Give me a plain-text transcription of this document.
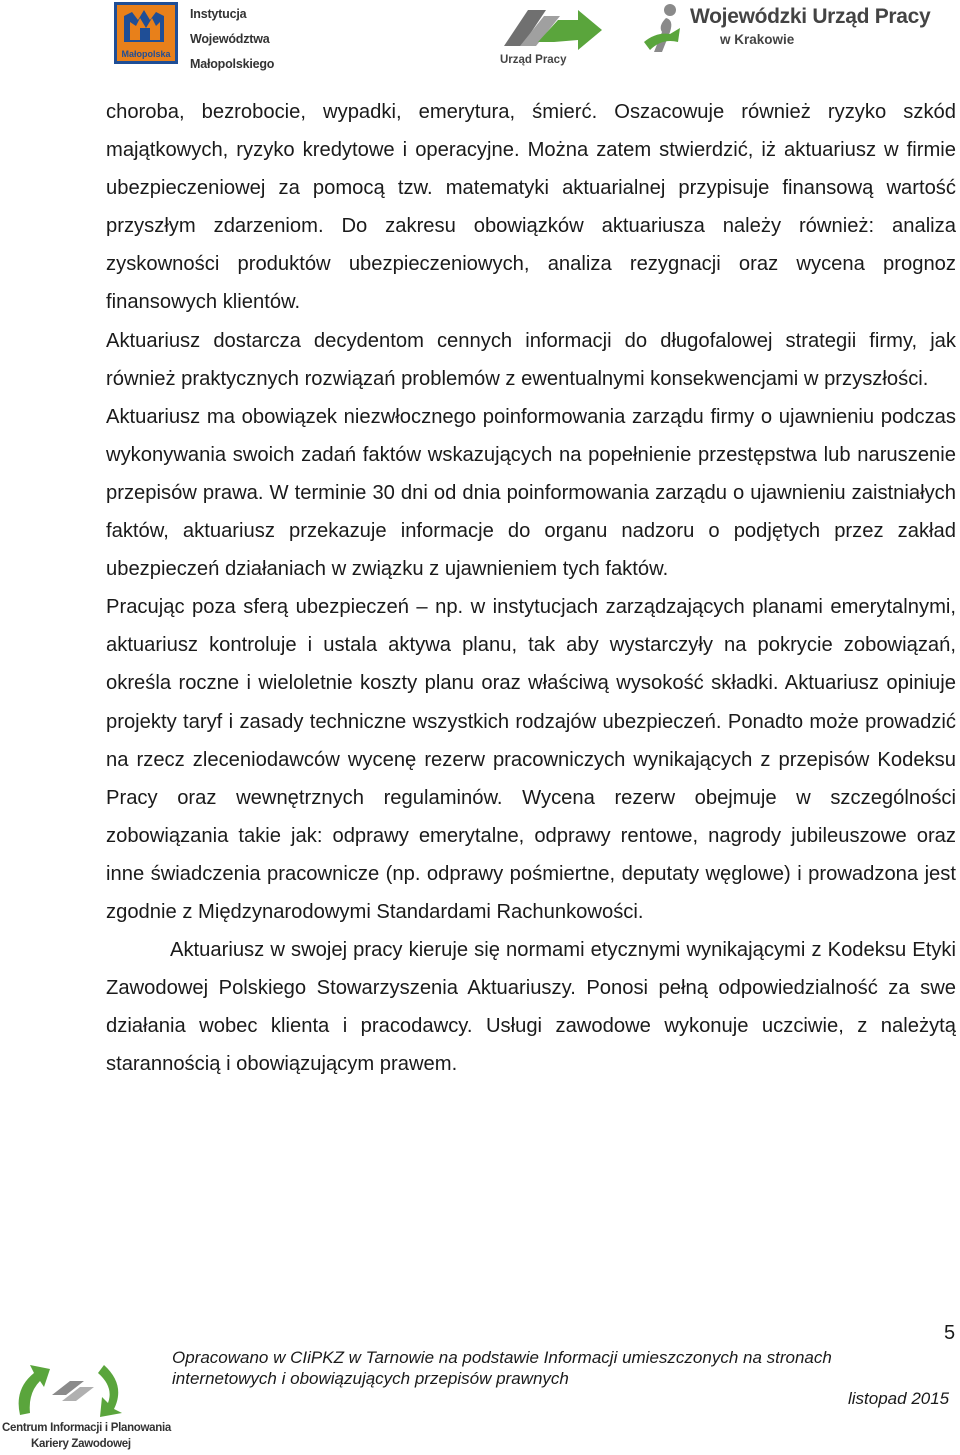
Małopolska
Instytucja
Województwa
Małopolskiego	Urząd Pracy
Wojewódzki Urząd Pracy
w Krakowie

choroba, bezrobocie, wypadki, emerytura, śmierć. Oszacowuje również ryzyko szkód majątkowych, ryzyko kredytowe i operacyjne. Można zatem stwierdzić, iż aktuariusz w firmie ubezpieczeniowej za pomocą tzw. matematyki aktuarialnej przypisuje finansową wartość przyszłym zdarzeniom. Do zakresu obowiązków aktuariusza należy również: analiza zyskowności produktów ubezpieczeniowych, analiza rezygnacji oraz wycena prognoz finansowych klientów.

Aktuariusz dostarcza decydentom cennych informacji do długofalowej strategii firmy, jak również praktycznych rozwiązań problemów z ewentualnymi konsekwencjami w przyszłości.

Aktuariusz ma obowiązek niezwłocznego poinformowania zarządu firmy o ujawnieniu podczas wykonywania swoich zadań faktów wskazujących na popełnienie przestępstwa lub naruszenie przepisów prawa. W terminie 30 dni od dnia poinformowania zarządu o ujawnieniu zaistniałych faktów, aktuariusz przekazuje informacje do organu nadzoru o podjętych przez zakład ubezpieczeń działaniach w związku z ujawnieniem tych faktów.

Pracując poza sferą ubezpieczeń – np. w instytucjach zarządzających planami emerytalnymi, aktuariusz kontroluje i ustala aktywa planu, tak aby wystarczyły na pokrycie zobowiązań, określa roczne i wieloletnie koszty planu oraz właściwą wysokość składki. Aktuariusz opiniuje projekty taryf i zasady techniczne wszystkich rodzajów ubezpieczeń. Ponadto może prowadzić na rzecz zleceniodawców wycenę rezerw pracowniczych wynikających z przepisów Kodeksu Pracy oraz wewnętrznych regulaminów. Wycena rezerw obejmuje w szczególności zobowiązania takie jak: odprawy emerytalne, odprawy rentowe, nagrody jubileuszowe oraz inne świadczenia pracownicze (np. odprawy pośmiertne, deputaty węglowe) i prowadzona jest zgodnie z Międzynarodowymi Standardami Rachunkowości.

Aktuariusz w swojej pracy kieruje się normami etycznymi wynikającymi z Kodeksu Etyki Zawodowej Polskiego Stowarzyszenia Aktuariuszy. Ponosi pełną odpowiedzialność za swe działania wobec klienta i pracodawcy. Usługi zawodowe wykonuje uczciwie, z należytą starannością i obowiązującym prawem.

5
Opracowano w CIiPKZ w Tarnowie na podstawie Informacji umieszczonych na stronach
internetowych i obowiązujących przepisów prawnych
listopad 2015
Centrum Informacji i Planowania
Kariery Zawodowej
